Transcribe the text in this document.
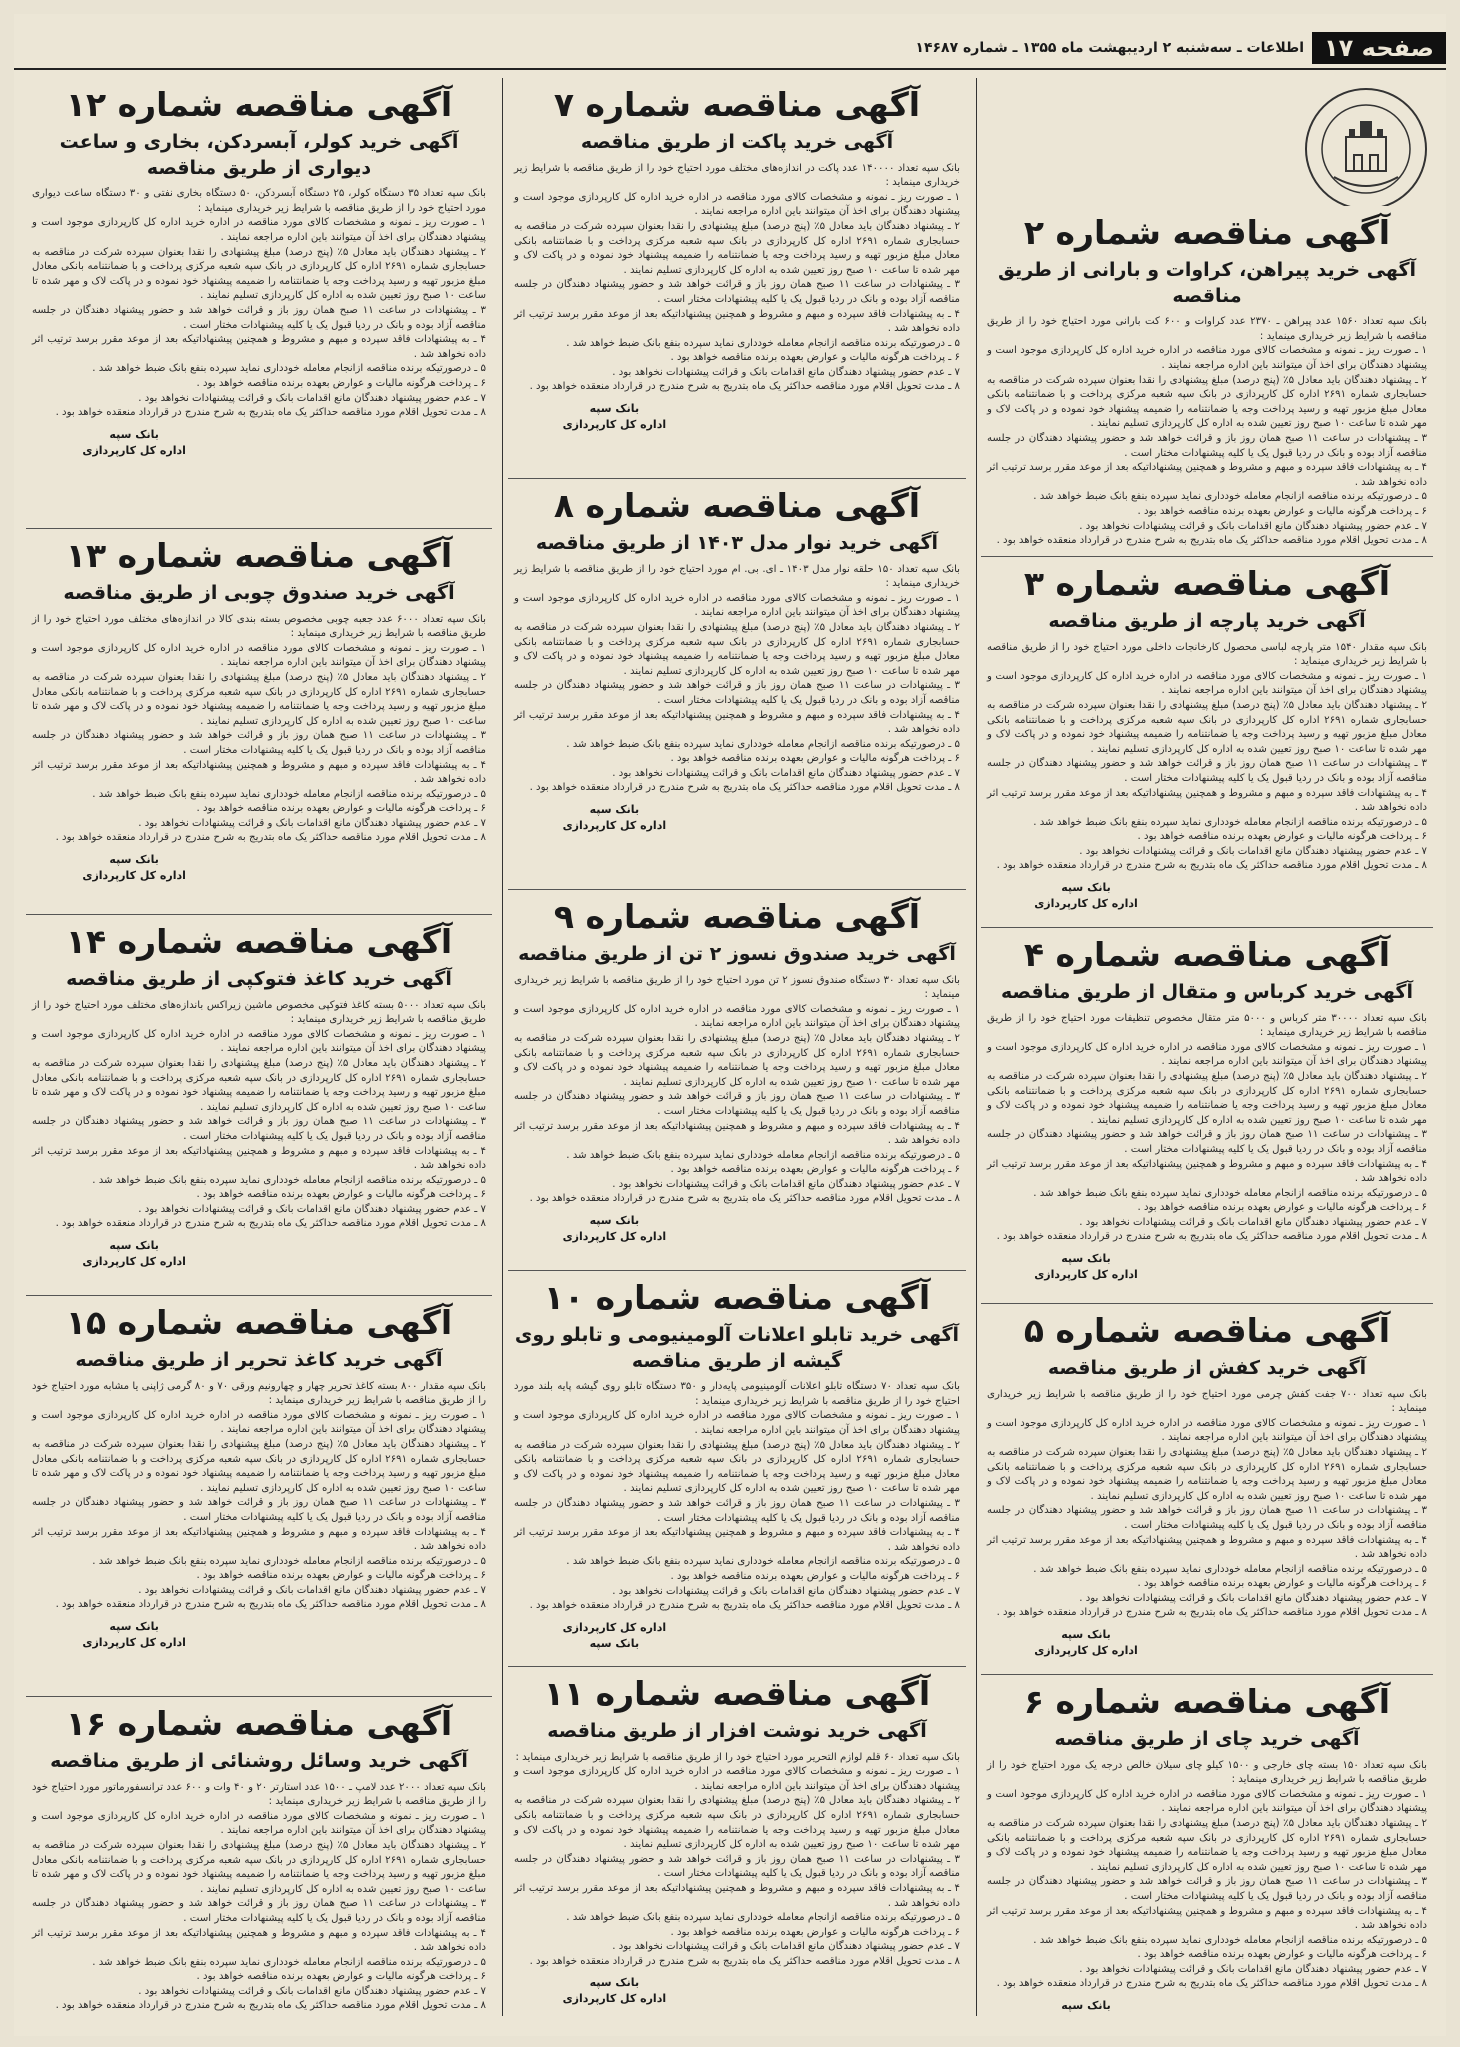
صفحه ۱۷
اطلاعات ـ سه‌شنبه ۲ اردیبهشت ماه ۱۳۵۵ ـ شماره ۱۴۶۸۷
آگهی مناقصه شماره ۲
آگهی خرید پیراهن، کراوات و بارانی از طریق مناقصه

بانک سپه تعداد ۱۵۶۰ عدد پیراهن ـ ۲۳۷۰ عدد کراوات و ۶۰۰ کت بارانی مورد احتیاج خود را از طریق مناقصه با شرایط زیر خریداری مینماید :

۱ ـ صورت ریز ـ نمونه و مشخصات کالای مورد مناقصه در اداره خرید اداره کل کارپردازی موجود است و پیشنهاد دهندگان برای اخذ آن میتوانند باین اداره مراجعه نمایند .

۲ ـ پیشنهاد دهندگان باید معادل ۵٪ (پنج درصد) مبلغ پیشنهادی را نقدا بعنوان سپرده شرکت در مناقصه به حسابجاری شماره ۲۶۹۱ اداره کل کارپردازی در بانک سپه شعبه مرکزی پرداخت و با ضمانتنامه بانکی معادل مبلغ مزبور تهیه و رسید پرداخت وجه یا ضمانتنامه را ضمیمه پیشنهاد خود نموده و در پاکت لاک و مهر شده تا ساعت ۱۰ صبح روز تعیین شده به اداره کل کارپردازی تسلیم نمایند .

۳ ـ پیشنهادات در ساعت ۱۱ صبح همان روز باز و قرائت خواهد شد و حضور پیشنهاد دهندگان در جلسه مناقصه آزاد بوده و بانک در ردیا قبول یک یا کلیه پیشنهادات مختار است .

۴ ـ به پیشنهادات فاقد سپرده و مبهم و مشروط و همچنین پیشنهاداتیکه بعد از موعد مقرر برسد ترتیب اثر داده نخواهد شد .

۵ ـ درصورتیکه برنده مناقصه ازانجام معامله خودداری نماید سپرده بنفع بانک ضبط خواهد شد .

۶ ـ پرداخت هرگونه مالیات و عوارض بعهده برنده مناقصه خواهد بود .

۷ ـ عدم حضور پیشنهاد دهندگان مانع اقدامات بانک و قرائت پیشنهادات نخواهد بود .

۸ ـ مدت تحویل اقلام مورد مناقصه حداکثر یک ماه بتدریج به شرح مندرج در قرارداد منعقده خواهد بود .

آگهی مناقصه شماره ۳
آگهی خرید پارچه از طریق مناقصه

بانک سپه مقدار ۱۵۴۰ متر پارچه لباسی محصول کارخانجات داخلی مورد احتیاج خود را از طریق مناقصه با شرایط زیر خریداری مینماید :

۱ ـ صورت ریز ـ نمونه و مشخصات کالای مورد مناقصه در اداره خرید اداره کل کارپردازی موجود است و پیشنهاد دهندگان برای اخذ آن میتوانند باین اداره مراجعه نمایند .

۲ ـ پیشنهاد دهندگان باید معادل ۵٪ (پنج درصد) مبلغ پیشنهادی را نقدا بعنوان سپرده شرکت در مناقصه به حسابجاری شماره ۲۶۹۱ اداره کل کارپردازی در بانک سپه شعبه مرکزی پرداخت و با ضمانتنامه بانکی معادل مبلغ مزبور تهیه و رسید پرداخت وجه یا ضمانتنامه را ضمیمه پیشنهاد خود نموده و در پاکت لاک و مهر شده تا ساعت ۱۰ صبح روز تعیین شده به اداره کل کارپردازی تسلیم نمایند .

۳ ـ پیشنهادات در ساعت ۱۱ صبح همان روز باز و قرائت خواهد شد و حضور پیشنهاد دهندگان در جلسه مناقصه آزاد بوده و بانک در ردیا قبول یک یا کلیه پیشنهادات مختار است .

۴ ـ به پیشنهادات فاقد سپرده و مبهم و مشروط و همچنین پیشنهاداتیکه بعد از موعد مقرر برسد ترتیب اثر داده نخواهد شد .

۵ ـ درصورتیکه برنده مناقصه ازانجام معامله خودداری نماید سپرده بنفع بانک ضبط خواهد شد .

۶ ـ پرداخت هرگونه مالیات و عوارض بعهده برنده مناقصه خواهد بود .

۷ ـ عدم حضور پیشنهاد دهندگان مانع اقدامات بانک و قرائت پیشنهادات نخواهد بود .

۸ ـ مدت تحویل اقلام مورد مناقصه حداکثر یک ماه بتدریج به شرح مندرج در قرارداد منعقده خواهد بود .

بانک سپه
اداره کل کارپردازی
آگهی مناقصه شماره ۴
آگهی خرید کرباس و متقال از طریق مناقصه

بانک سپه تعداد ۳۰۰۰۰ متر کرباس و ۵۰۰۰ متر متقال مخصوص تنظیفات مورد احتیاج خود را از طریق مناقصه با شرایط زیر خریداری مینماید :

۱ ـ صورت ریز ـ نمونه و مشخصات کالای مورد مناقصه در اداره خرید اداره کل کارپردازی موجود است و پیشنهاد دهندگان برای اخذ آن میتوانند باین اداره مراجعه نمایند .

۲ ـ پیشنهاد دهندگان باید معادل ۵٪ (پنج درصد) مبلغ پیشنهادی را نقدا بعنوان سپرده شرکت در مناقصه به حسابجاری شماره ۲۶۹۱ اداره کل کارپردازی در بانک سپه شعبه مرکزی پرداخت و با ضمانتنامه بانکی معادل مبلغ مزبور تهیه و رسید پرداخت وجه یا ضمانتنامه را ضمیمه پیشنهاد خود نموده و در پاکت لاک و مهر شده تا ساعت ۱۰ صبح روز تعیین شده به اداره کل کارپردازی تسلیم نمایند .

۳ ـ پیشنهادات در ساعت ۱۱ صبح همان روز باز و قرائت خواهد شد و حضور پیشنهاد دهندگان در جلسه مناقصه آزاد بوده و بانک در ردیا قبول یک یا کلیه پیشنهادات مختار است .

۴ ـ به پیشنهادات فاقد سپرده و مبهم و مشروط و همچنین پیشنهاداتیکه بعد از موعد مقرر برسد ترتیب اثر داده نخواهد شد .

۵ ـ درصورتیکه برنده مناقصه ازانجام معامله خودداری نماید سپرده بنفع بانک ضبط خواهد شد .

۶ ـ پرداخت هرگونه مالیات و عوارض بعهده برنده مناقصه خواهد بود .

۷ ـ عدم حضور پیشنهاد دهندگان مانع اقدامات بانک و قرائت پیشنهادات نخواهد بود .

۸ ـ مدت تحویل اقلام مورد مناقصه حداکثر یک ماه بتدریج به شرح مندرج در قرارداد منعقده خواهد بود .

بانک سپه
اداره کل کارپردازی
آگهی مناقصه شماره ۵
آگهی خرید کفش از طریق مناقصه

بانک سپه تعداد ۷۰۰ جفت کفش چرمی مورد احتیاج خود را از طریق مناقصه با شرایط زیر خریداری مینماید :

۱ ـ صورت ریز ـ نمونه و مشخصات کالای مورد مناقصه در اداره خرید اداره کل کارپردازی موجود است و پیشنهاد دهندگان برای اخذ آن میتوانند باین اداره مراجعه نمایند .

۲ ـ پیشنهاد دهندگان باید معادل ۵٪ (پنج درصد) مبلغ پیشنهادی را نقدا بعنوان سپرده شرکت در مناقصه به حسابجاری شماره ۲۶۹۱ اداره کل کارپردازی در بانک سپه شعبه مرکزی پرداخت و با ضمانتنامه بانکی معادل مبلغ مزبور تهیه و رسید پرداخت وجه یا ضمانتنامه را ضمیمه پیشنهاد خود نموده و در پاکت لاک و مهر شده تا ساعت ۱۰ صبح روز تعیین شده به اداره کل کارپردازی تسلیم نمایند .

۳ ـ پیشنهادات در ساعت ۱۱ صبح همان روز باز و قرائت خواهد شد و حضور پیشنهاد دهندگان در جلسه مناقصه آزاد بوده و بانک در ردیا قبول یک یا کلیه پیشنهادات مختار است .

۴ ـ به پیشنهادات فاقد سپرده و مبهم و مشروط و همچنین پیشنهاداتیکه بعد از موعد مقرر برسد ترتیب اثر داده نخواهد شد .

۵ ـ درصورتیکه برنده مناقصه ازانجام معامله خودداری نماید سپرده بنفع بانک ضبط خواهد شد .

۶ ـ پرداخت هرگونه مالیات و عوارض بعهده برنده مناقصه خواهد بود .

۷ ـ عدم حضور پیشنهاد دهندگان مانع اقدامات بانک و قرائت پیشنهادات نخواهد بود .

۸ ـ مدت تحویل اقلام مورد مناقصه حداکثر یک ماه بتدریج به شرح مندرج در قرارداد منعقده خواهد بود .

بانک سپه
اداره کل کارپردازی
آگهی مناقصه شماره ۶
آگهی خرید چای از طریق مناقصه

بانک سپه تعداد ۱۵۰ بسته چای خارجی و ۱۵۰۰ کیلو چای سیلان خالص درجه یک مورد احتیاج خود را از طریق مناقصه با شرایط زیر خریداری مینماید :

۱ ـ صورت ریز ـ نمونه و مشخصات کالای مورد مناقصه در اداره خرید اداره کل کارپردازی موجود است و پیشنهاد دهندگان برای اخذ آن میتوانند باین اداره مراجعه نمایند .

۲ ـ پیشنهاد دهندگان باید معادل ۵٪ (پنج درصد) مبلغ پیشنهادی را نقدا بعنوان سپرده شرکت در مناقصه به حسابجاری شماره ۲۶۹۱ اداره کل کارپردازی در بانک سپه شعبه مرکزی پرداخت و با ضمانتنامه بانکی معادل مبلغ مزبور تهیه و رسید پرداخت وجه یا ضمانتنامه را ضمیمه پیشنهاد خود نموده و در پاکت لاک و مهر شده تا ساعت ۱۰ صبح روز تعیین شده به اداره کل کارپردازی تسلیم نمایند .

۳ ـ پیشنهادات در ساعت ۱۱ صبح همان روز باز و قرائت خواهد شد و حضور پیشنهاد دهندگان در جلسه مناقصه آزاد بوده و بانک در ردیا قبول یک یا کلیه پیشنهادات مختار است .

۴ ـ به پیشنهادات فاقد سپرده و مبهم و مشروط و همچنین پیشنهاداتیکه بعد از موعد مقرر برسد ترتیب اثر داده نخواهد شد .

۵ ـ درصورتیکه برنده مناقصه ازانجام معامله خودداری نماید سپرده بنفع بانک ضبط خواهد شد .

۶ ـ پرداخت هرگونه مالیات و عوارض بعهده برنده مناقصه خواهد بود .

۷ ـ عدم حضور پیشنهاد دهندگان مانع اقدامات بانک و قرائت پیشنهادات نخواهد بود .

۸ ـ مدت تحویل اقلام مورد مناقصه حداکثر یک ماه بتدریج به شرح مندرج در قرارداد منعقده خواهد بود .

بانک سپه
آگهی مناقصه شماره ۷
آگهی خرید پاکت از طریق مناقصه

بانک سپه تعداد ۱۴۰۰۰۰ عدد پاکت در اندازه‌های مختلف مورد احتیاج خود را از طریق مناقصه با شرایط زیر خریداری مینماید :

۱ ـ صورت ریز ـ نمونه و مشخصات کالای مورد مناقصه در اداره خرید اداره کل کارپردازی موجود است و پیشنهاد دهندگان برای اخذ آن میتوانند باین اداره مراجعه نمایند .

۲ ـ پیشنهاد دهندگان باید معادل ۵٪ (پنج درصد) مبلغ پیشنهادی را نقدا بعنوان سپرده شرکت در مناقصه به حسابجاری شماره ۲۶۹۱ اداره کل کارپردازی در بانک سپه شعبه مرکزی پرداخت و با ضمانتنامه بانکی معادل مبلغ مزبور تهیه و رسید پرداخت وجه یا ضمانتنامه را ضمیمه پیشنهاد خود نموده و در پاکت لاک و مهر شده تا ساعت ۱۰ صبح روز تعیین شده به اداره کل کارپردازی تسلیم نمایند .

۳ ـ پیشنهادات در ساعت ۱۱ صبح همان روز باز و قرائت خواهد شد و حضور پیشنهاد دهندگان در جلسه مناقصه آزاد بوده و بانک در ردیا قبول یک یا کلیه پیشنهادات مختار است .

۴ ـ به پیشنهادات فاقد سپرده و مبهم و مشروط و همچنین پیشنهاداتیکه بعد از موعد مقرر برسد ترتیب اثر داده نخواهد شد .

۵ ـ درصورتیکه برنده مناقصه ازانجام معامله خودداری نماید سپرده بنفع بانک ضبط خواهد شد .

۶ ـ پرداخت هرگونه مالیات و عوارض بعهده برنده مناقصه خواهد بود .

۷ ـ عدم حضور پیشنهاد دهندگان مانع اقدامات بانک و قرائت پیشنهادات نخواهد بود .

۸ ـ مدت تحویل اقلام مورد مناقصه حداکثر یک ماه بتدریج به شرح مندرج در قرارداد منعقده خواهد بود .

بانک سپه
اداره کل کارپردازی
آگهی مناقصه شماره ۸
آگهی خرید نوار مدل ۱۴۰۳ از طریق مناقصه

بانک سپه تعداد ۱۵۰ حلقه نوار مدل ۱۴۰۳ ـ ای. بی. ام مورد احتیاج خود را از طریق مناقصه با شرایط زیر خریداری مینماید :

۱ ـ صورت ریز ـ نمونه و مشخصات کالای مورد مناقصه در اداره خرید اداره کل کارپردازی موجود است و پیشنهاد دهندگان برای اخذ آن میتوانند باین اداره مراجعه نمایند .

۲ ـ پیشنهاد دهندگان باید معادل ۵٪ (پنج درصد) مبلغ پیشنهادی را نقدا بعنوان سپرده شرکت در مناقصه به حسابجاری شماره ۲۶۹۱ اداره کل کارپردازی در بانک سپه شعبه مرکزی پرداخت و با ضمانتنامه بانکی معادل مبلغ مزبور تهیه و رسید پرداخت وجه یا ضمانتنامه را ضمیمه پیشنهاد خود نموده و در پاکت لاک و مهر شده تا ساعت ۱۰ صبح روز تعیین شده به اداره کل کارپردازی تسلیم نمایند .

۳ ـ پیشنهادات در ساعت ۱۱ صبح همان روز باز و قرائت خواهد شد و حضور پیشنهاد دهندگان در جلسه مناقصه آزاد بوده و بانک در ردیا قبول یک یا کلیه پیشنهادات مختار است .

۴ ـ به پیشنهادات فاقد سپرده و مبهم و مشروط و همچنین پیشنهاداتیکه بعد از موعد مقرر برسد ترتیب اثر داده نخواهد شد .

۵ ـ درصورتیکه برنده مناقصه ازانجام معامله خودداری نماید سپرده بنفع بانک ضبط خواهد شد .

۶ ـ پرداخت هرگونه مالیات و عوارض بعهده برنده مناقصه خواهد بود .

۷ ـ عدم حضور پیشنهاد دهندگان مانع اقدامات بانک و قرائت پیشنهادات نخواهد بود .

۸ ـ مدت تحویل اقلام مورد مناقصه حداکثر یک ماه بتدریج به شرح مندرج در قرارداد منعقده خواهد بود .

بانک سپه
اداره کل کارپردازی
آگهی مناقصه شماره ۹
آگهی خرید صندوق نسوز ۲ تن از طریق مناقصه

بانک سپه تعداد ۳۰ دستگاه صندوق نسوز ۲ تن مورد احتیاج خود را از طریق مناقصه با شرایط زیر خریداری مینماید :

۱ ـ صورت ریز ـ نمونه و مشخصات کالای مورد مناقصه در اداره خرید اداره کل کارپردازی موجود است و پیشنهاد دهندگان برای اخذ آن میتوانند باین اداره مراجعه نمایند .

۲ ـ پیشنهاد دهندگان باید معادل ۵٪ (پنج درصد) مبلغ پیشنهادی را نقدا بعنوان سپرده شرکت در مناقصه به حسابجاری شماره ۲۶۹۱ اداره کل کارپردازی در بانک سپه شعبه مرکزی پرداخت و با ضمانتنامه بانکی معادل مبلغ مزبور تهیه و رسید پرداخت وجه یا ضمانتنامه را ضمیمه پیشنهاد خود نموده و در پاکت لاک و مهر شده تا ساعت ۱۰ صبح روز تعیین شده به اداره کل کارپردازی تسلیم نمایند .

۳ ـ پیشنهادات در ساعت ۱۱ صبح همان روز باز و قرائت خواهد شد و حضور پیشنهاد دهندگان در جلسه مناقصه آزاد بوده و بانک در ردیا قبول یک یا کلیه پیشنهادات مختار است .

۴ ـ به پیشنهادات فاقد سپرده و مبهم و مشروط و همچنین پیشنهاداتیکه بعد از موعد مقرر برسد ترتیب اثر داده نخواهد شد .

۵ ـ درصورتیکه برنده مناقصه ازانجام معامله خودداری نماید سپرده بنفع بانک ضبط خواهد شد .

۶ ـ پرداخت هرگونه مالیات و عوارض بعهده برنده مناقصه خواهد بود .

۷ ـ عدم حضور پیشنهاد دهندگان مانع اقدامات بانک و قرائت پیشنهادات نخواهد بود .

۸ ـ مدت تحویل اقلام مورد مناقصه حداکثر یک ماه بتدریج به شرح مندرج در قرارداد منعقده خواهد بود .

بانک سپه
اداره کل کارپردازی
آگهی مناقصه شماره ۱۰
آگهی خرید تابلو اعلانات آلومینیومی و تابلو روی گیشه از طریق مناقصه

بانک سپه تعداد ۷۰ دستگاه تابلو اعلانات آلومینیومی پایه‌دار و ۳۵۰ دستگاه تابلو روی گیشه پایه بلند مورد احتیاج خود را از طریق مناقصه با شرایط زیر خریداری مینماید :

۱ ـ صورت ریز ـ نمونه و مشخصات کالای مورد مناقصه در اداره خرید اداره کل کارپردازی موجود است و پیشنهاد دهندگان برای اخذ آن میتوانند باین اداره مراجعه نمایند .

۲ ـ پیشنهاد دهندگان باید معادل ۵٪ (پنج درصد) مبلغ پیشنهادی را نقدا بعنوان سپرده شرکت در مناقصه به حسابجاری شماره ۲۶۹۱ اداره کل کارپردازی در بانک سپه شعبه مرکزی پرداخت و با ضمانتنامه بانکی معادل مبلغ مزبور تهیه و رسید پرداخت وجه یا ضمانتنامه را ضمیمه پیشنهاد خود نموده و در پاکت لاک و مهر شده تا ساعت ۱۰ صبح روز تعیین شده به اداره کل کارپردازی تسلیم نمایند .

۳ ـ پیشنهادات در ساعت ۱۱ صبح همان روز باز و قرائت خواهد شد و حضور پیشنهاد دهندگان در جلسه مناقصه آزاد بوده و بانک در ردیا قبول یک یا کلیه پیشنهادات مختار است .

۴ ـ به پیشنهادات فاقد سپرده و مبهم و مشروط و همچنین پیشنهاداتیکه بعد از موعد مقرر برسد ترتیب اثر داده نخواهد شد .

۵ ـ درصورتیکه برنده مناقصه ازانجام معامله خودداری نماید سپرده بنفع بانک ضبط خواهد شد .

۶ ـ پرداخت هرگونه مالیات و عوارض بعهده برنده مناقصه خواهد بود .

۷ ـ عدم حضور پیشنهاد دهندگان مانع اقدامات بانک و قرائت پیشنهادات نخواهد بود .

۸ ـ مدت تحویل اقلام مورد مناقصه حداکثر یک ماه بتدریج به شرح مندرج در قرارداد منعقده خواهد بود .

اداره کل کارپردازی
بانک سپه
آگهی مناقصه شماره ۱۱
آگهی خرید نوشت افزار از طریق مناقصه

بانک سپه تعداد ۶۰ قلم لوازم التحریر مورد احتیاج خود را از طریق مناقصه با شرایط زیر خریداری مینماید :

۱ ـ صورت ریز ـ نمونه و مشخصات کالای مورد مناقصه در اداره خرید اداره کل کارپردازی موجود است و پیشنهاد دهندگان برای اخذ آن میتوانند باین اداره مراجعه نمایند .

۲ ـ پیشنهاد دهندگان باید معادل ۵٪ (پنج درصد) مبلغ پیشنهادی را نقدا بعنوان سپرده شرکت در مناقصه به حسابجاری شماره ۲۶۹۱ اداره کل کارپردازی در بانک سپه شعبه مرکزی پرداخت و با ضمانتنامه بانکی معادل مبلغ مزبور تهیه و رسید پرداخت وجه یا ضمانتنامه را ضمیمه پیشنهاد خود نموده و در پاکت لاک و مهر شده تا ساعت ۱۰ صبح روز تعیین شده به اداره کل کارپردازی تسلیم نمایند .

۳ ـ پیشنهادات در ساعت ۱۱ صبح همان روز باز و قرائت خواهد شد و حضور پیشنهاد دهندگان در جلسه مناقصه آزاد بوده و بانک در ردیا قبول یک یا کلیه پیشنهادات مختار است .

۴ ـ به پیشنهادات فاقد سپرده و مبهم و مشروط و همچنین پیشنهاداتیکه بعد از موعد مقرر برسد ترتیب اثر داده نخواهد شد .

۵ ـ درصورتیکه برنده مناقصه ازانجام معامله خودداری نماید سپرده بنفع بانک ضبط خواهد شد .

۶ ـ پرداخت هرگونه مالیات و عوارض بعهده برنده مناقصه خواهد بود .

۷ ـ عدم حضور پیشنهاد دهندگان مانع اقدامات بانک و قرائت پیشنهادات نخواهد بود .

۸ ـ مدت تحویل اقلام مورد مناقصه حداکثر یک ماه بتدریج به شرح مندرج در قرارداد منعقده خواهد بود .

بانک سپه
اداره کل کارپردازی
آگهی مناقصه شماره ۱۲
آگهی خرید کولر، آبسردکن، بخاری و ساعت دیواری از طریق مناقصه

بانک سپه تعداد ۳۵ دستگاه کولر، ۲۵ دستگاه آبسردکن، ۵۰ دستگاه بخاری نفتی و ۳۰ دستگاه ساعت دیواری مورد احتیاج خود را از طریق مناقصه با شرایط زیر خریداری مینماید :

۱ ـ صورت ریز ـ نمونه و مشخصات کالای مورد مناقصه در اداره خرید اداره کل کارپردازی موجود است و پیشنهاد دهندگان برای اخذ آن میتوانند باین اداره مراجعه نمایند .

۲ ـ پیشنهاد دهندگان باید معادل ۵٪ (پنج درصد) مبلغ پیشنهادی را نقدا بعنوان سپرده شرکت در مناقصه به حسابجاری شماره ۲۶۹۱ اداره کل کارپردازی در بانک سپه شعبه مرکزی پرداخت و با ضمانتنامه بانکی معادل مبلغ مزبور تهیه و رسید پرداخت وجه یا ضمانتنامه را ضمیمه پیشنهاد خود نموده و در پاکت لاک و مهر شده تا ساعت ۱۰ صبح روز تعیین شده به اداره کل کارپردازی تسلیم نمایند .

۳ ـ پیشنهادات در ساعت ۱۱ صبح همان روز باز و قرائت خواهد شد و حضور پیشنهاد دهندگان در جلسه مناقصه آزاد بوده و بانک در ردیا قبول یک یا کلیه پیشنهادات مختار است .

۴ ـ به پیشنهادات فاقد سپرده و مبهم و مشروط و همچنین پیشنهاداتیکه بعد از موعد مقرر برسد ترتیب اثر داده نخواهد شد .

۵ ـ درصورتیکه برنده مناقصه ازانجام معامله خودداری نماید سپرده بنفع بانک ضبط خواهد شد .

۶ ـ پرداخت هرگونه مالیات و عوارض بعهده برنده مناقصه خواهد بود .

۷ ـ عدم حضور پیشنهاد دهندگان مانع اقدامات بانک و قرائت پیشنهادات نخواهد بود .

۸ ـ مدت تحویل اقلام مورد مناقصه حداکثر یک ماه بتدریج به شرح مندرج در قرارداد منعقده خواهد بود .

بانک سپه
اداره کل کارپردازی
آگهی مناقصه شماره ۱۳
آگهی خرید صندوق چوبی از طریق مناقصه

بانک سپه تعداد ۶۰۰۰ عدد جعبه چوبی مخصوص بسته بندی کالا در اندازه‌های مختلف مورد احتیاج خود را از طریق مناقصه با شرایط زیر خریداری مینماید :

۱ ـ صورت ریز ـ نمونه و مشخصات کالای مورد مناقصه در اداره خرید اداره کل کارپردازی موجود است و پیشنهاد دهندگان برای اخذ آن میتوانند باین اداره مراجعه نمایند .

۲ ـ پیشنهاد دهندگان باید معادل ۵٪ (پنج درصد) مبلغ پیشنهادی را نقدا بعنوان سپرده شرکت در مناقصه به حسابجاری شماره ۲۶۹۱ اداره کل کارپردازی در بانک سپه شعبه مرکزی پرداخت و با ضمانتنامه بانکی معادل مبلغ مزبور تهیه و رسید پرداخت وجه یا ضمانتنامه را ضمیمه پیشنهاد خود نموده و در پاکت لاک و مهر شده تا ساعت ۱۰ صبح روز تعیین شده به اداره کل کارپردازی تسلیم نمایند .

۳ ـ پیشنهادات در ساعت ۱۱ صبح همان روز باز و قرائت خواهد شد و حضور پیشنهاد دهندگان در جلسه مناقصه آزاد بوده و بانک در ردیا قبول یک یا کلیه پیشنهادات مختار است .

۴ ـ به پیشنهادات فاقد سپرده و مبهم و مشروط و همچنین پیشنهاداتیکه بعد از موعد مقرر برسد ترتیب اثر داده نخواهد شد .

۵ ـ درصورتیکه برنده مناقصه ازانجام معامله خودداری نماید سپرده بنفع بانک ضبط خواهد شد .

۶ ـ پرداخت هرگونه مالیات و عوارض بعهده برنده مناقصه خواهد بود .

۷ ـ عدم حضور پیشنهاد دهندگان مانع اقدامات بانک و قرائت پیشنهادات نخواهد بود .

۸ ـ مدت تحویل اقلام مورد مناقصه حداکثر یک ماه بتدریج به شرح مندرج در قرارداد منعقده خواهد بود .

بانک سپه
اداره کل کارپردازی
آگهی مناقصه شماره ۱۴
آگهی خرید کاغذ فتوکپی از طریق مناقصه

بانک سپه تعداد ۵۰۰۰ بسته کاغذ فتوکپی مخصوص ماشین زیراکس باندازه‌های مختلف مورد احتیاج خود را از طریق مناقصه با شرایط زیر خریداری مینماید :

۱ ـ صورت ریز ـ نمونه و مشخصات کالای مورد مناقصه در اداره خرید اداره کل کارپردازی موجود است و پیشنهاد دهندگان برای اخذ آن میتوانند باین اداره مراجعه نمایند .

۲ ـ پیشنهاد دهندگان باید معادل ۵٪ (پنج درصد) مبلغ پیشنهادی را نقدا بعنوان سپرده شرکت در مناقصه به حسابجاری شماره ۲۶۹۱ اداره کل کارپردازی در بانک سپه شعبه مرکزی پرداخت و با ضمانتنامه بانکی معادل مبلغ مزبور تهیه و رسید پرداخت وجه یا ضمانتنامه را ضمیمه پیشنهاد خود نموده و در پاکت لاک و مهر شده تا ساعت ۱۰ صبح روز تعیین شده به اداره کل کارپردازی تسلیم نمایند .

۳ ـ پیشنهادات در ساعت ۱۱ صبح همان روز باز و قرائت خواهد شد و حضور پیشنهاد دهندگان در جلسه مناقصه آزاد بوده و بانک در ردیا قبول یک یا کلیه پیشنهادات مختار است .

۴ ـ به پیشنهادات فاقد سپرده و مبهم و مشروط و همچنین پیشنهاداتیکه بعد از موعد مقرر برسد ترتیب اثر داده نخواهد شد .

۵ ـ درصورتیکه برنده مناقصه ازانجام معامله خودداری نماید سپرده بنفع بانک ضبط خواهد شد .

۶ ـ پرداخت هرگونه مالیات و عوارض بعهده برنده مناقصه خواهد بود .

۷ ـ عدم حضور پیشنهاد دهندگان مانع اقدامات بانک و قرائت پیشنهادات نخواهد بود .

۸ ـ مدت تحویل اقلام مورد مناقصه حداکثر یک ماه بتدریج به شرح مندرج در قرارداد منعقده خواهد بود .

بانک سپه
اداره کل کارپردازی
آگهی مناقصه شماره ۱۵
آگهی خرید کاغذ تحریر از طریق مناقصه

بانک سپه مقدار ۸۰۰ بسته کاغذ تحریر چهار و چهارونیم ورقی ۷۰ و ۸۰ گرمی ژاپنی یا مشابه مورد احتیاج خود را از طریق مناقصه با شرایط زیر خریداری مینماید :

۱ ـ صورت ریز ـ نمونه و مشخصات کالای مورد مناقصه در اداره خرید اداره کل کارپردازی موجود است و پیشنهاد دهندگان برای اخذ آن میتوانند باین اداره مراجعه نمایند .

۲ ـ پیشنهاد دهندگان باید معادل ۵٪ (پنج درصد) مبلغ پیشنهادی را نقدا بعنوان سپرده شرکت در مناقصه به حسابجاری شماره ۲۶۹۱ اداره کل کارپردازی در بانک سپه شعبه مرکزی پرداخت و با ضمانتنامه بانکی معادل مبلغ مزبور تهیه و رسید پرداخت وجه یا ضمانتنامه را ضمیمه پیشنهاد خود نموده و در پاکت لاک و مهر شده تا ساعت ۱۰ صبح روز تعیین شده به اداره کل کارپردازی تسلیم نمایند .

۳ ـ پیشنهادات در ساعت ۱۱ صبح همان روز باز و قرائت خواهد شد و حضور پیشنهاد دهندگان در جلسه مناقصه آزاد بوده و بانک در ردیا قبول یک یا کلیه پیشنهادات مختار است .

۴ ـ به پیشنهادات فاقد سپرده و مبهم و مشروط و همچنین پیشنهاداتیکه بعد از موعد مقرر برسد ترتیب اثر داده نخواهد شد .

۵ ـ درصورتیکه برنده مناقصه ازانجام معامله خودداری نماید سپرده بنفع بانک ضبط خواهد شد .

۶ ـ پرداخت هرگونه مالیات و عوارض بعهده برنده مناقصه خواهد بود .

۷ ـ عدم حضور پیشنهاد دهندگان مانع اقدامات بانک و قرائت پیشنهادات نخواهد بود .

۸ ـ مدت تحویل اقلام مورد مناقصه حداکثر یک ماه بتدریج به شرح مندرج در قرارداد منعقده خواهد بود .

بانک سپه
اداره کل کارپردازی
آگهی مناقصه شماره ۱۶
آگهی خرید وسائل روشنائی از طریق مناقصه

بانک سپه تعداد ۲۰۰۰ عدد لامپ ـ ۱۵۰۰ عدد استارتر ۲۰ و ۴۰ وات و ۶۰۰ عدد ترانسفورماتور مورد احتیاج خود را از طریق مناقصه با شرایط زیر خریداری مینماید :

۱ ـ صورت ریز ـ نمونه و مشخصات کالای مورد مناقصه در اداره خرید اداره کل کارپردازی موجود است و پیشنهاد دهندگان برای اخذ آن میتوانند باین اداره مراجعه نمایند .

۲ ـ پیشنهاد دهندگان باید معادل ۵٪ (پنج درصد) مبلغ پیشنهادی را نقدا بعنوان سپرده شرکت در مناقصه به حسابجاری شماره ۲۶۹۱ اداره کل کارپردازی در بانک سپه شعبه مرکزی پرداخت و با ضمانتنامه بانکی معادل مبلغ مزبور تهیه و رسید پرداخت وجه یا ضمانتنامه را ضمیمه پیشنهاد خود نموده و در پاکت لاک و مهر شده تا ساعت ۱۰ صبح روز تعیین شده به اداره کل کارپردازی تسلیم نمایند .

۳ ـ پیشنهادات در ساعت ۱۱ صبح همان روز باز و قرائت خواهد شد و حضور پیشنهاد دهندگان در جلسه مناقصه آزاد بوده و بانک در ردیا قبول یک یا کلیه پیشنهادات مختار است .

۴ ـ به پیشنهادات فاقد سپرده و مبهم و مشروط و همچنین پیشنهاداتیکه بعد از موعد مقرر برسد ترتیب اثر داده نخواهد شد .

۵ ـ درصورتیکه برنده مناقصه ازانجام معامله خودداری نماید سپرده بنفع بانک ضبط خواهد شد .

۶ ـ پرداخت هرگونه مالیات و عوارض بعهده برنده مناقصه خواهد بود .

۷ ـ عدم حضور پیشنهاد دهندگان مانع اقدامات بانک و قرائت پیشنهادات نخواهد بود .

۸ ـ مدت تحویل اقلام مورد مناقصه حداکثر یک ماه بتدریج به شرح مندرج در قرارداد منعقده خواهد بود .
